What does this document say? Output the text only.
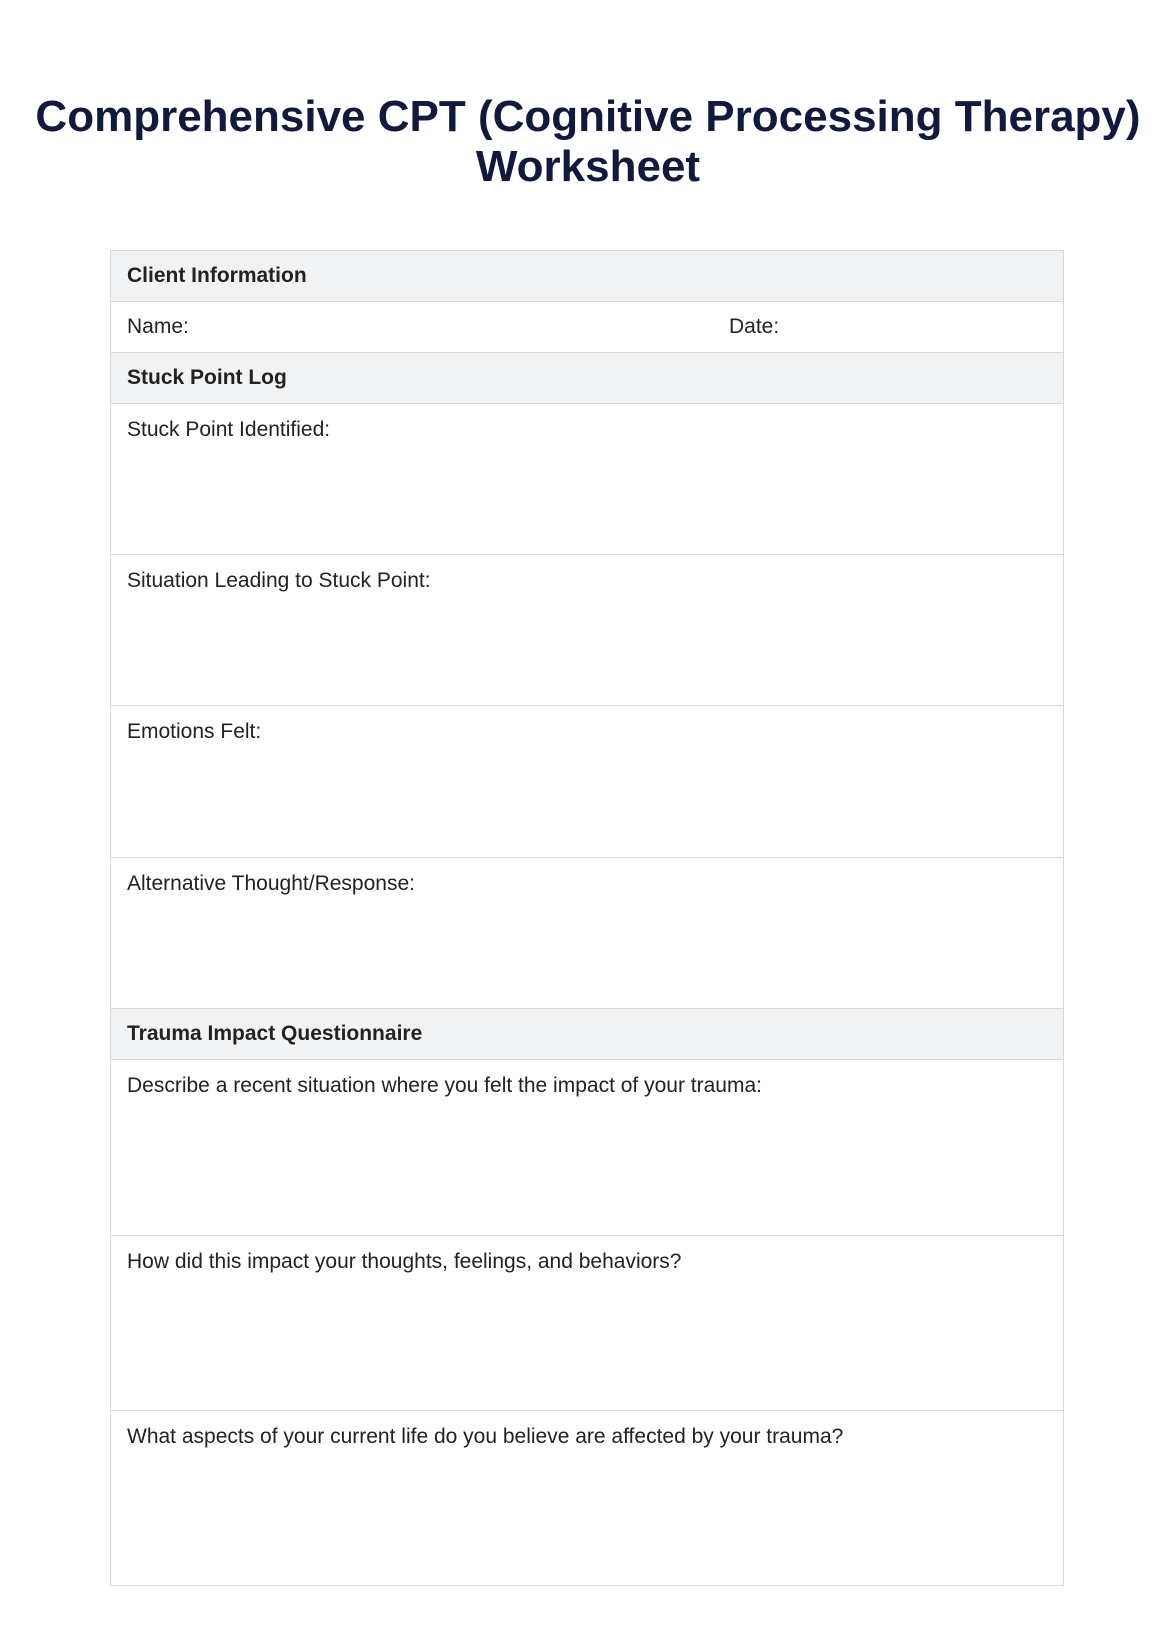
Comprehensive CPT (Cognitive Processing Therapy) Worksheet
Client Information
Name:	Date:
Stuck Point Log
Stuck Point Identified:
Situation Leading to Stuck Point:
Emotions Felt:
Alternative Thought/Response:
Trauma Impact Questionnaire
Describe a recent situation where you felt the impact of your trauma:
How did this impact your thoughts, feelings, and behaviors?
What aspects of your current life do you believe are affected by your trauma?
